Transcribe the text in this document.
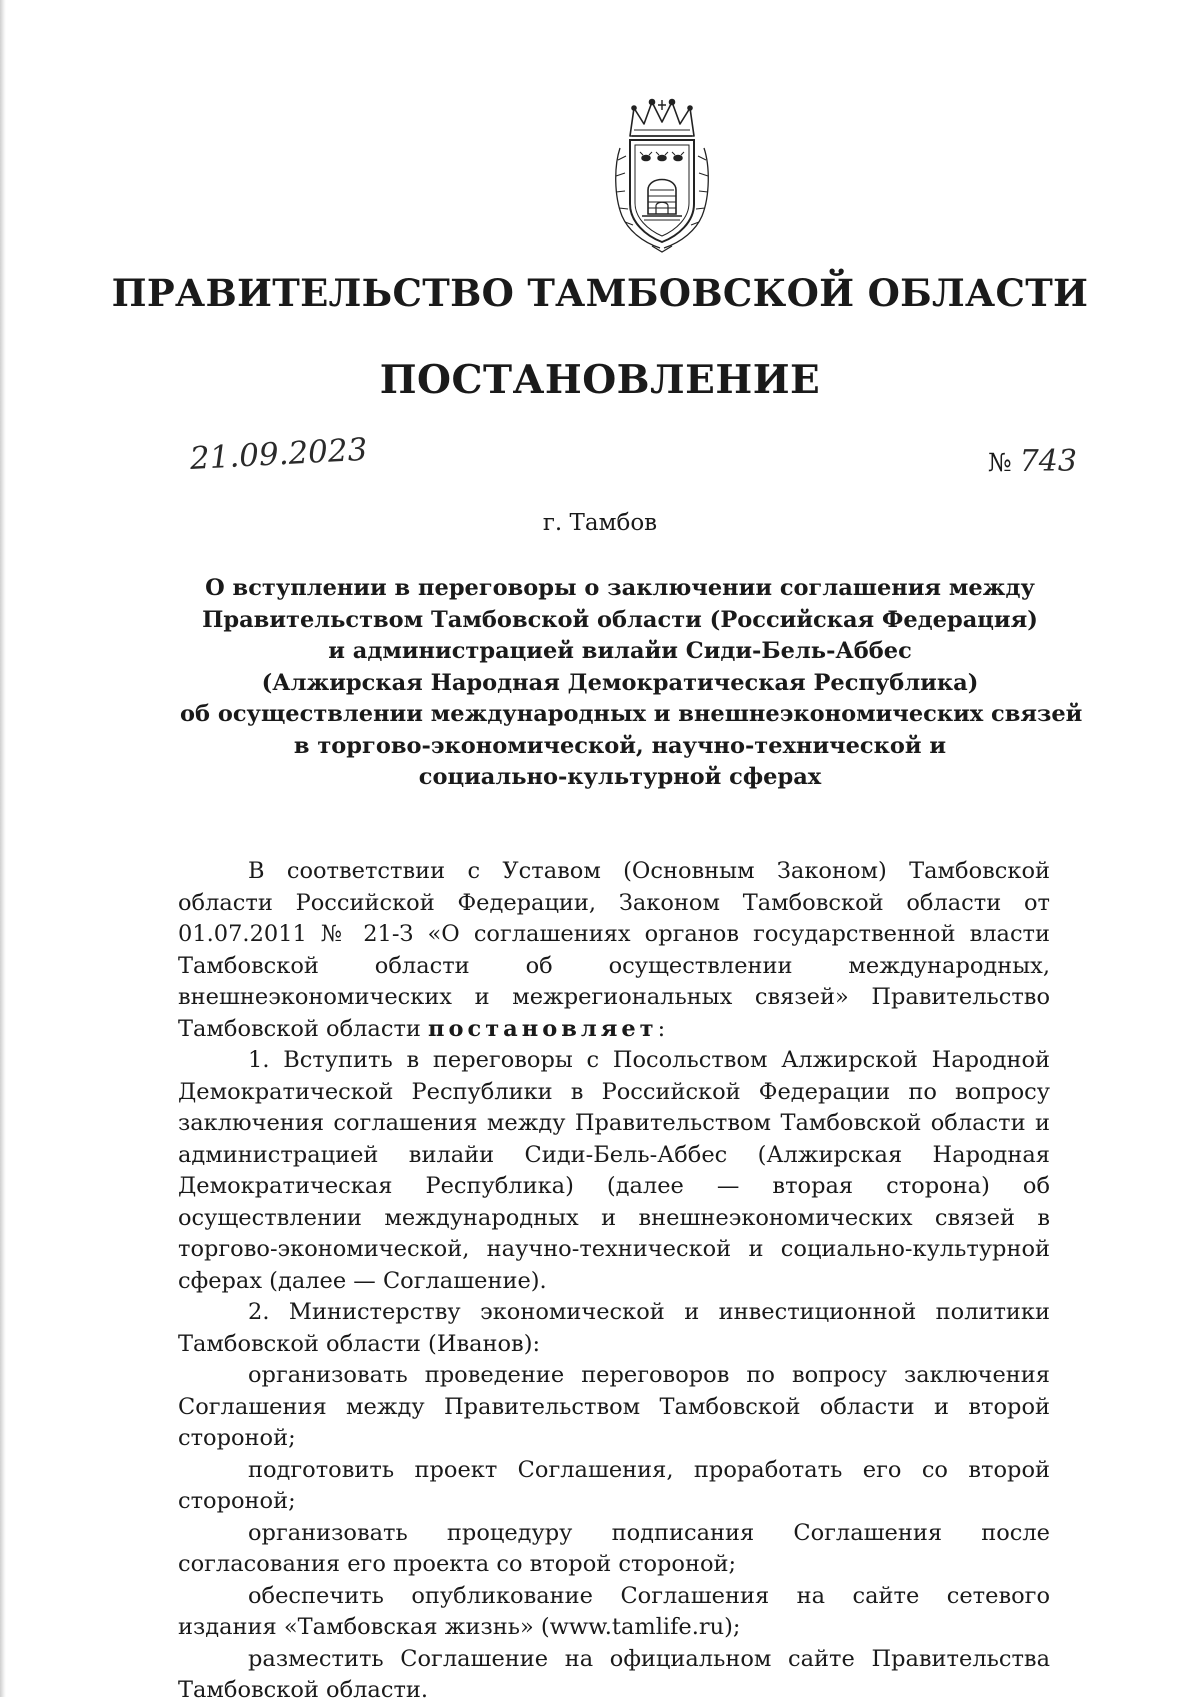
ПРАВИТЕЛЬСТВО ТАМБОВСКОЙ ОБЛАСТИ
ПОСТАНОВЛЕНИЕ
21.09.2023	№ 743
г. Тамбов
О вступлении в переговоры о заключении соглашения между
Правительством Тамбовской области (Российская Федерация)
и администрацией вилайи Сиди-Бель-Аббес
(Алжирская Народная Демократическая Республика)
об осуществлении международных и внешнеэкономических связей
в торгово-экономической, научно-технической и
социально-культурной сферах

В соответствии с Уставом (Основным Законом) Тамбовской области Российской Федерации, Законом Тамбовской области от 01.07.2011 № 21-З «О соглашениях органов государственной власти Тамбовской области об осуществлении международных, внешнеэкономических и межрегиональных связей» Правительство Тамбовской области постановляет:

1. Вступить в переговоры с Посольством Алжирской Народной Демократической Республики в Российской Федерации по вопросу заключения соглашения между Правительством Тамбовской области и администрацией вилайи Сиди-Бель-Аббес (Алжирская Народная Демократическая Республика) (далее — вторая сторона) об осуществлении международных и внешнеэкономических связей в торгово-экономической, научно-технической и социально-культурной сферах (далее — Соглашение).

2. Министерству экономической и инвестиционной политики Тамбовской области (Иванов):

организовать проведение переговоров по вопросу заключения Соглашения между Правительством Тамбовской области и второй стороной;

подготовить проект Соглашения, проработать его со второй стороной;

организовать процедуру подписания Соглашения после согласования его проекта со второй стороной;

обеспечить опубликование Соглашения на сайте сетевого издания «Тамбовская жизнь» (www.tamlife.ru);

разместить Соглашение на официальном сайте Правительства Тамбовской области.
